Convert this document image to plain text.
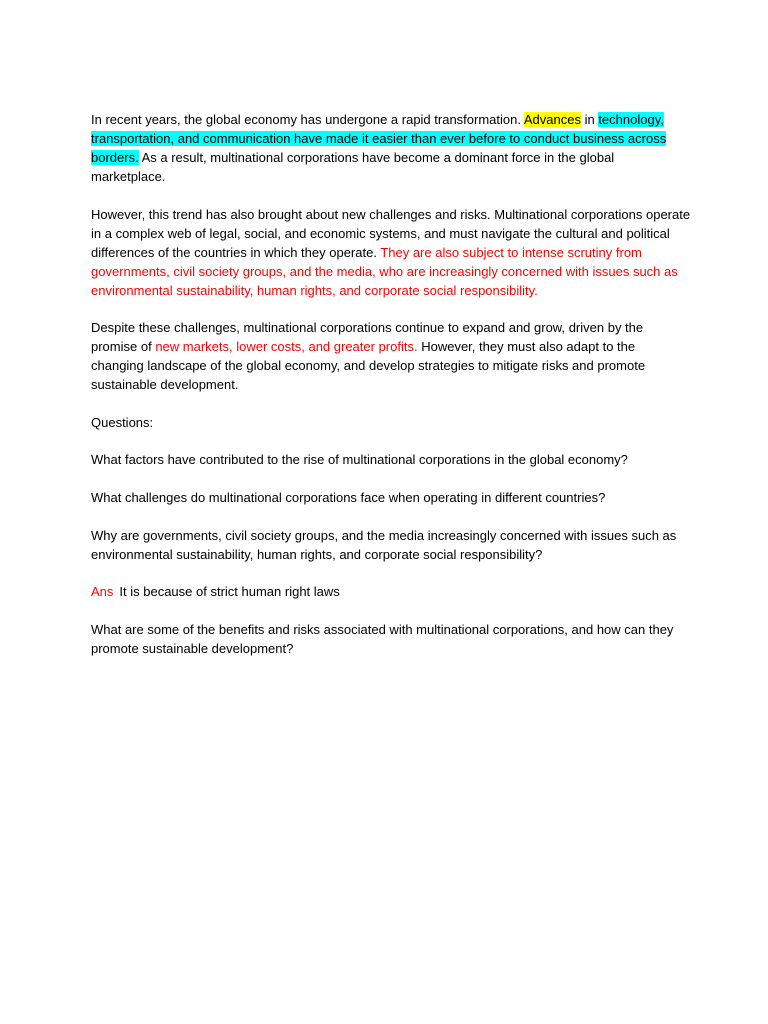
In recent years, the global economy has undergone a rapid transformation. Advances in technology, transportation, and communication have made it easier than ever before to conduct business across borders. As a result, multinational corporations have become a dominant force in the global marketplace.

However, this trend has also brought about new challenges and risks. Multinational corporations operate in a complex web of legal, social, and economic systems, and must navigate the cultural and political differences of the countries in which they operate. They are also subject to intense scrutiny from governments, civil society groups, and the media, who are increasingly concerned with issues such as environmental sustainability, human rights, and corporate social responsibility.

Despite these challenges, multinational corporations continue to expand and grow, driven by the promise of new markets, lower costs, and greater profits. However, they must also adapt to the changing landscape of the global economy, and develop strategies to mitigate risks and promote sustainable development.

Questions:

What factors have contributed to the rise of multinational corporations in the global economy?

What challenges do multinational corporations face when operating in different countries?

Why are governments, civil society groups, and the media increasingly concerned with issues such as environmental sustainability, human rights, and corporate social responsibility?

Ans It is because of strict human right laws

What are some of the benefits and risks associated with multinational corporations, and how can they promote sustainable development?
